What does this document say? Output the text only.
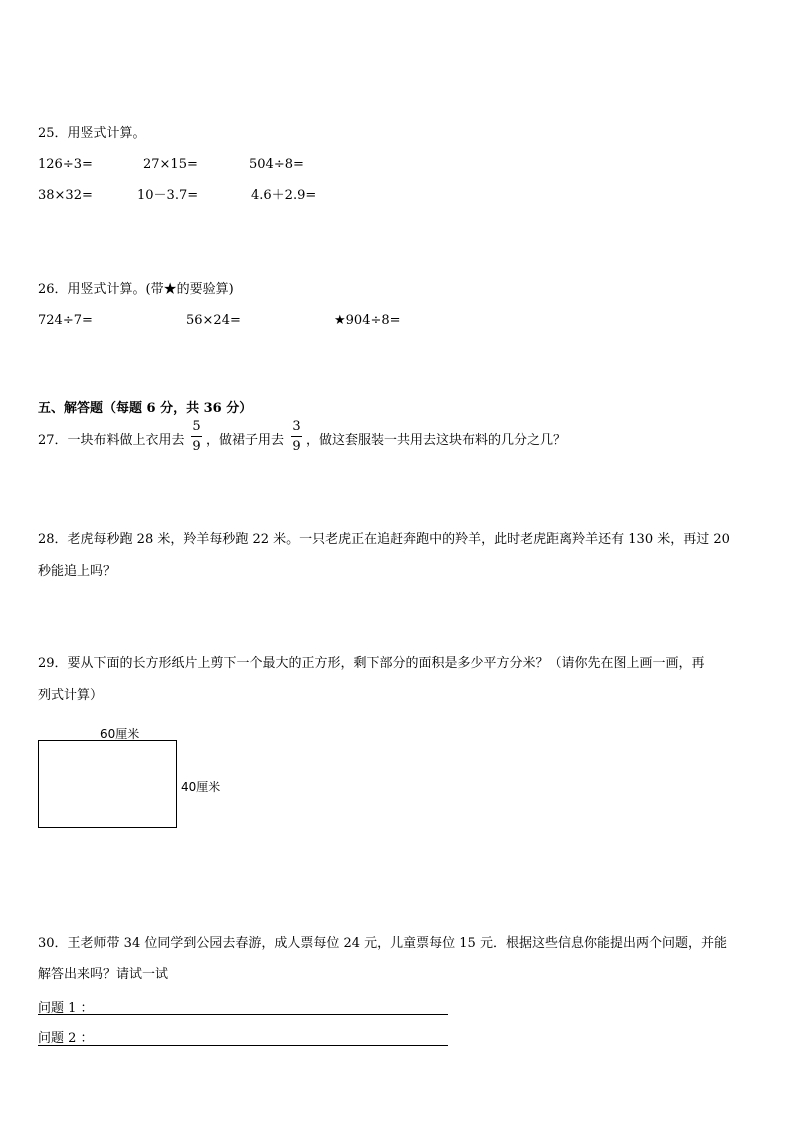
25．用竖式计算。
126÷3=	27×15=	504÷8=
38×32=	10－3.7=	4.6＋2.9=
26．用竖式计算。(带★的要验算)
724÷7=	56×24=	★904÷8=
五、解答题（每题 6 分，共 36 分）
27．一块布料做上衣用去
5
9 ，做裙子用去
3
9 ，做这套服装一共用去这块布料的几分之几？
28．老虎每秒跑 28 米，羚羊每秒跑 22 米。一只老虎正在追赶奔跑中的羚羊，此时老虎距离羚羊还有 130 米，再过 20
秒能追上吗？
29．要从下面的长方形纸片上剪下一个最大的正方形，剩下部分的面积是多少平方分米？（请你先在图上画一画，再
列式计算）
60厘米
40厘米
30．王老师带 34 位同学到公园去春游，成人票每位 24 元，儿童票每位 15 元．根据这些信息你能提出两个问题，并能
解答出来吗？请试一试
问题 1 ：
问题 2 ：
